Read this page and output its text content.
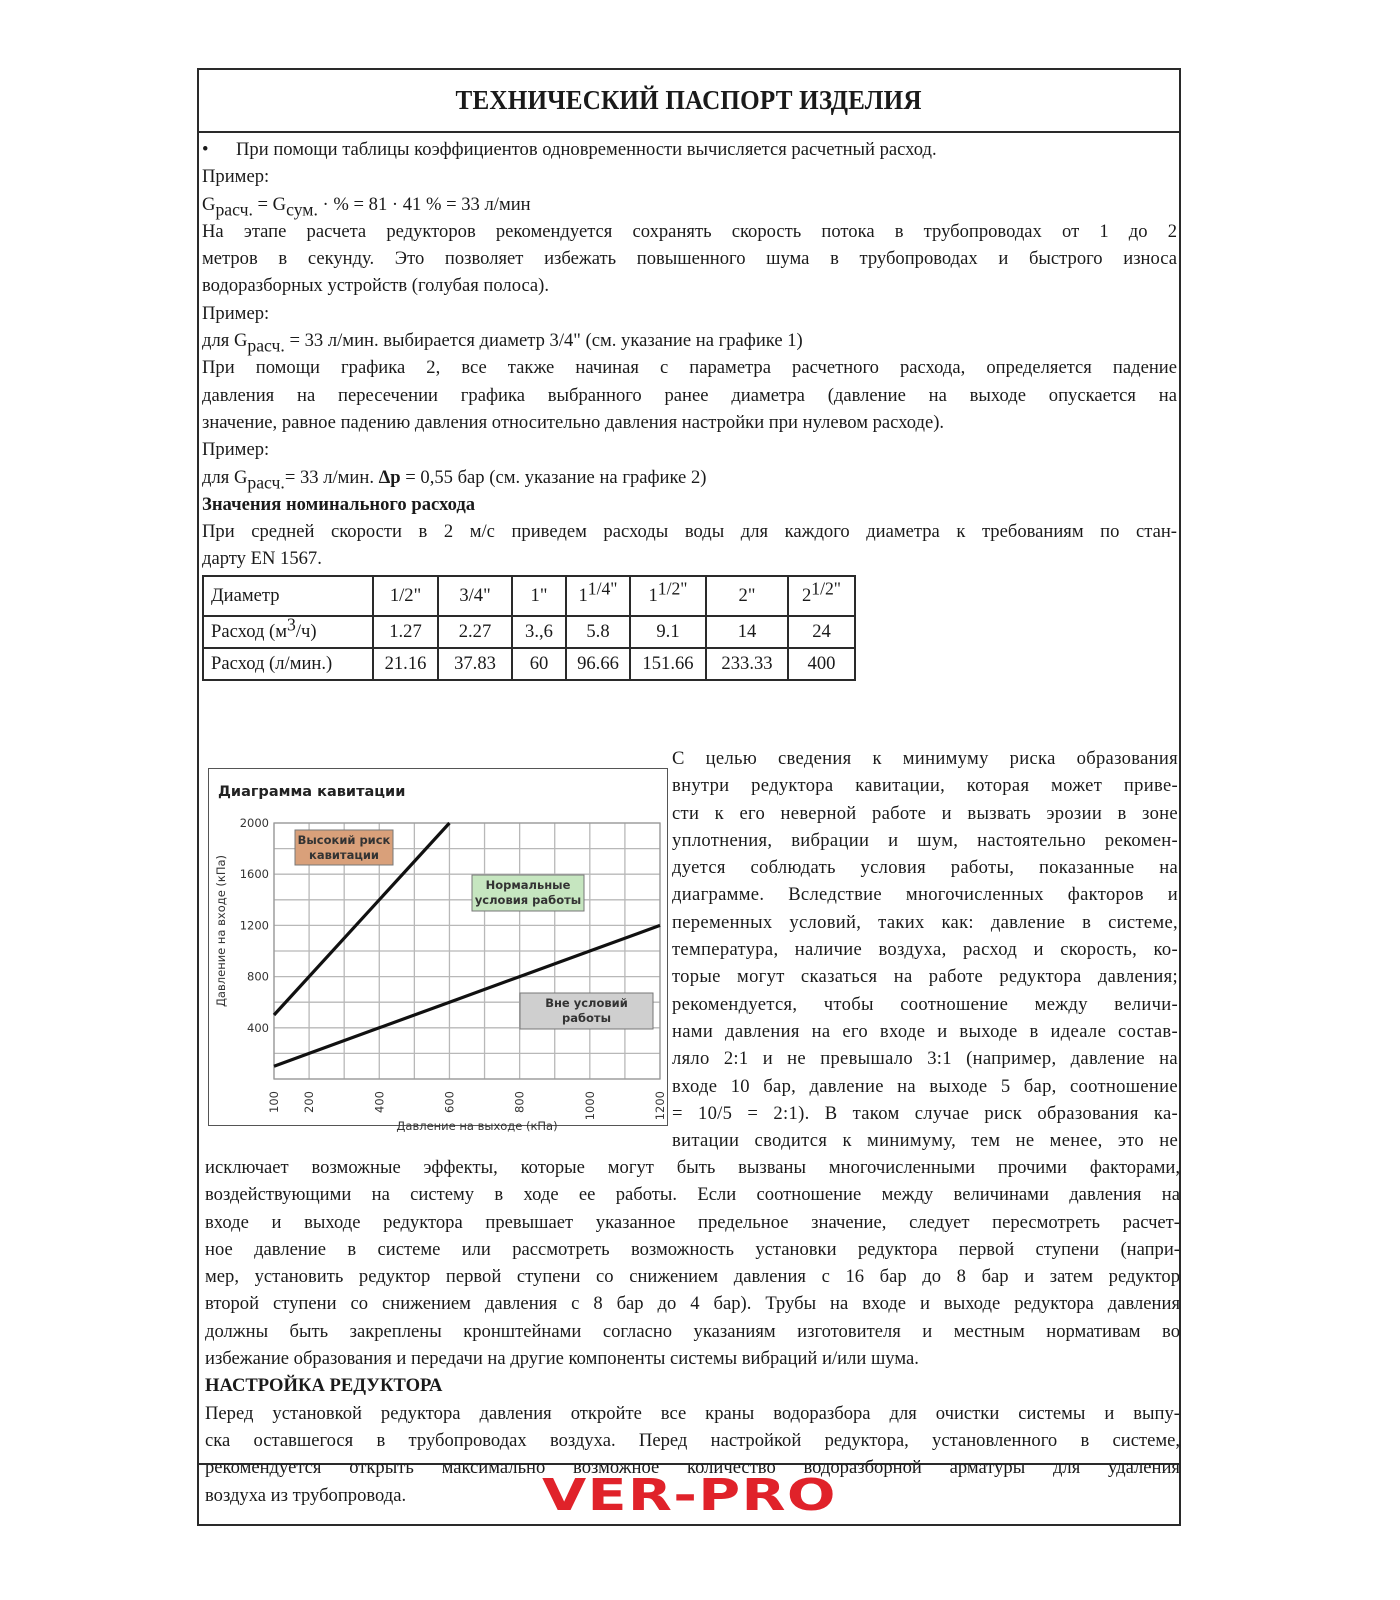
ТЕХНИЧЕСКИЙ ПАСПОРТ ИЗДЕЛИЯ
• При помощи таблицы коэффициентов одновременности вычисляется расчетный расход.
Пример:
$G_{расч.} = G_{сум.}$ · % = 81 · 41 % = 33 л/мин
На этапе расчета редукторов рекомендуется сохранять скорость потока в трубопроводах от 1 до 2
метров в секунду. Это позволяет избежать повышенного шума в трубопроводах и быстрого износа
водоразборных устройств (голубая полоса).
Пример:
для $G_{расч.} = 33$ л/мин. выбирается диаметр 3/4" (см. указание на графике 1)
При помощи графика 2, все также начиная с параметра расчетного расхода, определяется падение
давления на пересечении графика выбранного ранее диаметра (давление на выходе опускается на
значение, равное падению давления относительно давления настройки при нулевом расходе).
Пример:
для $G_{расч.}= 33$ л/мин. Δp = 0,55 бар (см. указание на графике 2)
Значения номинального расхода
При средней скорости в 2 м/с приведем расходы воды для каждого диаметра к требованиям по стан-
дарту EN 1567.
Диаметр	1/2"	3/4"	1"	$1^{1/4"}$	$1^{1/2"}$	2"	$2^{1/2"}$
Расход $(м^3/ч)$	1.27	2.27	3.,6	5.8	9.1	14	24
Расход (л/мин.)	21.16	37.83	60	96.66	151.66	233.33	400
Диаграмма кавитации
400
800
1200
1600
2000
100 200	400	600	800	1000	1200
Давление на выходе (кПа)
Давление на входе (кПа)
Высокий риск
кавитации
Нормальные
условия работы
Вне условий
работы
С целью сведения к минимуму риска образования
внутри редуктора кавитации, которая может приве-
сти к его неверной работе и вызвать эрозии в зоне
уплотнения, вибрации и шум, настоятельно рекомен-
дуется соблюдать условия работы, показанные на
диаграмме. Вследствие многочисленных факторов и
переменных условий, таких как: давление в системе,
температура, наличие воздуха, расход и скорость, ко-
торые могут сказаться на работе редуктора давления;
рекомендуется, чтобы соотношение между величи-
нами давления на его входе и выходе в идеале состав-
ляло 2:1 и не превышало 3:1 (например, давление на
входе 10 бар, давление на выходе 5 бар, соотношение
= 10/5 = 2:1). В таком случае риск образования ка-
витации сводится к минимуму, тем не менее, это не
исключает возможные эффекты, которые могут быть вызваны многочисленными прочими факторами,
воздействующими на систему в ходе ее работы. Если соотношение между величинами давления на
входе и выходе редуктора превышает указанное предельное значение, следует пересмотреть расчет-
ное давление в системе или рассмотреть возможность установки редуктора первой ступени (напри-
мер, установить редуктор первой ступени со снижением давления с 16 бар до 8 бар и затем редуктор
второй ступени со снижением давления с 8 бар до 4 бар). Трубы на входе и выходе редуктора давления
должны быть закреплены кронштейнами согласно указаниям изготовителя и местным нормативам во
избежание образования и передачи на другие компоненты системы вибраций и/или шума.
НАСТРОЙКА РЕДУКТОРА
Перед установкой редуктора давления откройте все краны водоразбора для очистки системы и выпу-
ска оставшегося в трубопроводах воздуха. Перед настройкой редуктора, установленного в системе,
рекомендуется открыть максимально возможное количество водоразборной арматуры для удаления
воздуха из трубопровода.	VER-PRO
